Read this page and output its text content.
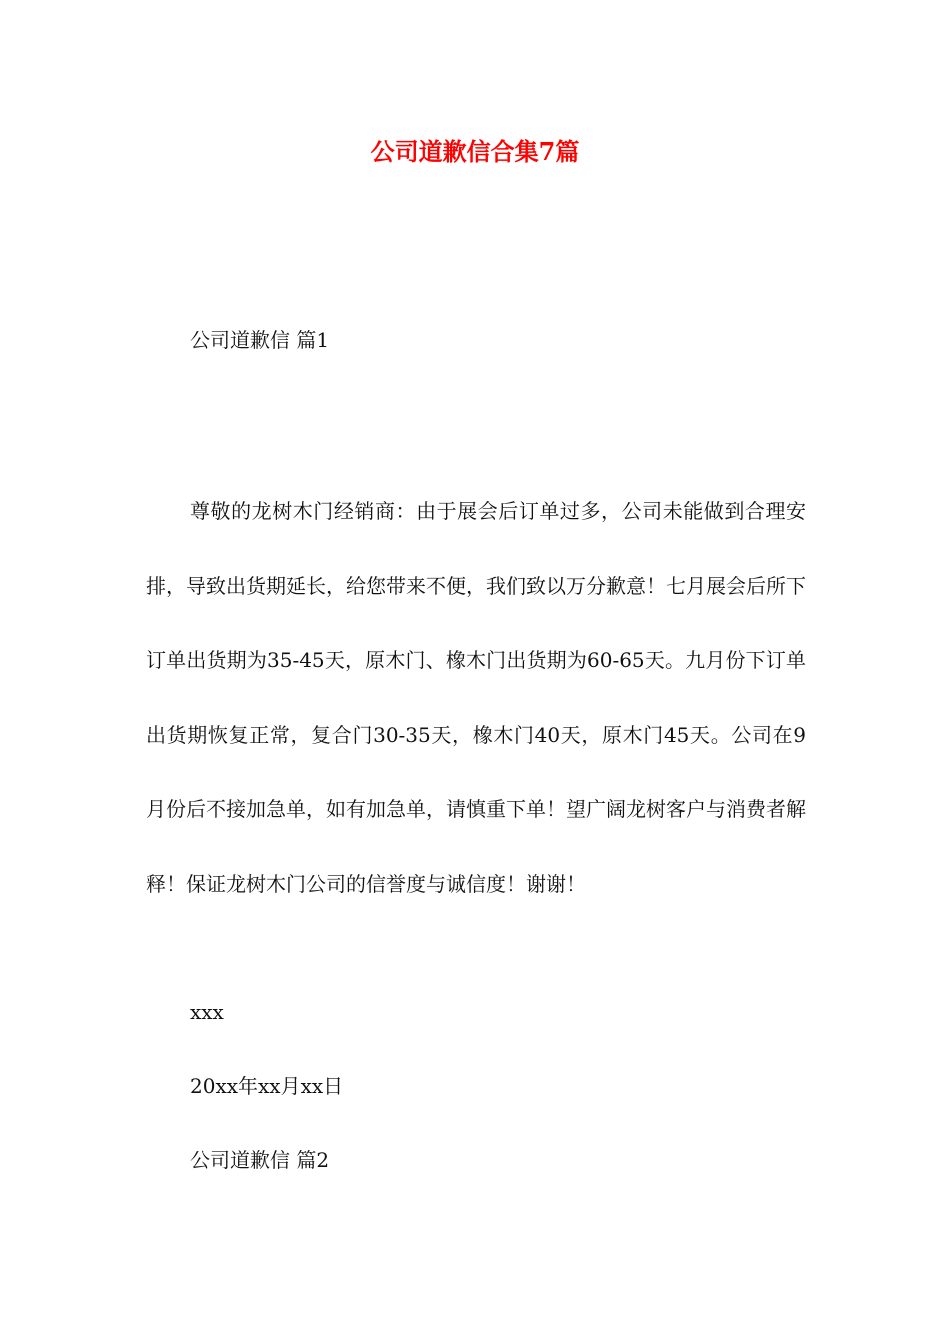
公司道歉信合集7篇

公司道歉信 篇1

尊敬的龙树木门经销商：由于展会后订单过多，公司未能做到合理安排，导致出货期延长，给您带来不便，我们致以万分歉意！七月展会后所下订单出货期为35-45天，原木门、橡木门出货期为60-65天。九月份下订单出货期恢复正常，复合门30-35天，橡木门40天，原木门45天。公司在9月份后不接加急单，如有加急单，请慎重下单！望广阔龙树客户与消费者解释！保证龙树木门公司的信誉度与诚信度！谢谢！

xxx

20xx年xx月xx日

公司道歉信 篇2
